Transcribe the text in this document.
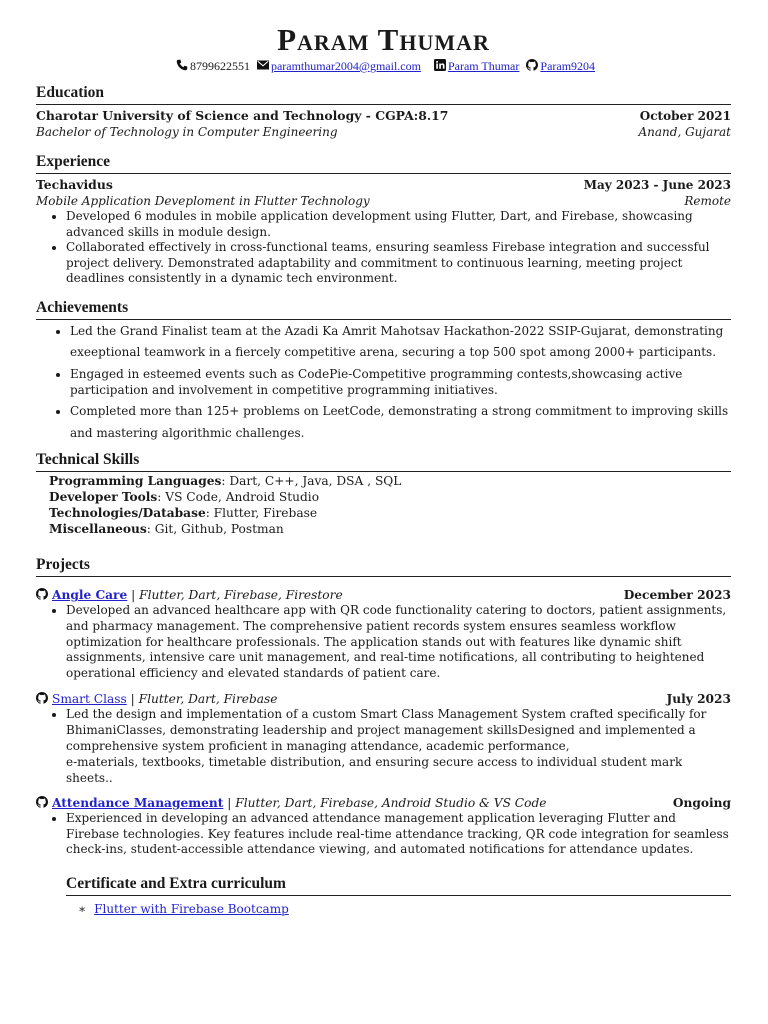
Param Thumar
8799622551 paramthumar2004@gmail.com Param Thumar Param9204
Education
Charotar University of Science and Technology - CGPA:8.17	October 2021
Bachelor of Technology in Computer Engineering	Anand, Gujarat
Experience
Techavidus	May 2023 - June 2023
Mobile Application Deveploment in Flutter Technology	Remote
• Developed 6 modules in mobile application development using Flutter, Dart, and Firebase, showcasing advanced skills in module design.
• Collaborated effectively in cross-functional teams, ensuring seamless Firebase integration and successful project delivery. Demonstrated adaptability and commitment to continuous learning, meeting project deadlines consistently in a dynamic tech environment.
Achievements
• Led the Grand Finalist team at the Azadi Ka Amrit Mahotsav Hackathon-2022 SSIP-Gujarat, demonstrating exeeptional teamwork in a fiercely competitive arena, securing a top 500 spot among 2000+ participants.
• Engaged in esteemed events such as CodePie-Competitive programming contests,showcasing active participation and involvement in competitive programming initiatives.
• Completed more than 125+ problems on LeetCode, demonstrating a strong commitment to improving skills and mastering algorithmic challenges.
Technical Skills
Programming Languages: Dart, C++, Java, DSA , SQL
Developer Tools: VS Code, Android Studio
Technologies/Database: Flutter, Firebase
Miscellaneous: Git, Github, Postman
Projects
Angle Care | Flutter, Dart, Firebase, Firestore	December 2023
• Developed an advanced healthcare app with QR code functionality catering to doctors, patient assignments, and pharmacy management. The comprehensive patient records system ensures seamless workflow optimization for healthcare professionals. The application stands out with features like dynamic shift assignments, intensive care unit management, and real-time notifications, all contributing to heightened operational efficiency and elevated standards of patient care.
Smart Class | Flutter, Dart, Firebase	July 2023
• Led the design and implementation of a custom Smart Class Management System crafted specifically for BhimaniClasses, demonstrating leadership and project management skillsDesigned and implemented a comprehensive system proficient in managing attendance, academic performance,
e-materials, textbooks, timetable distribution, and ensuring secure access to individual student mark sheets..
Attendance Management | Flutter, Dart, Firebase, Android Studio & VS Code	Ongoing
• Experienced in developing an advanced attendance management application leveraging Flutter and Firebase technologies. Key features include real-time attendance tracking, QR code integration for seamless check-ins, student-accessible attendance viewing, and automated notifications for attendance updates.
Certificate and Extra curriculum
∗ Flutter with Firebase Bootcamp
